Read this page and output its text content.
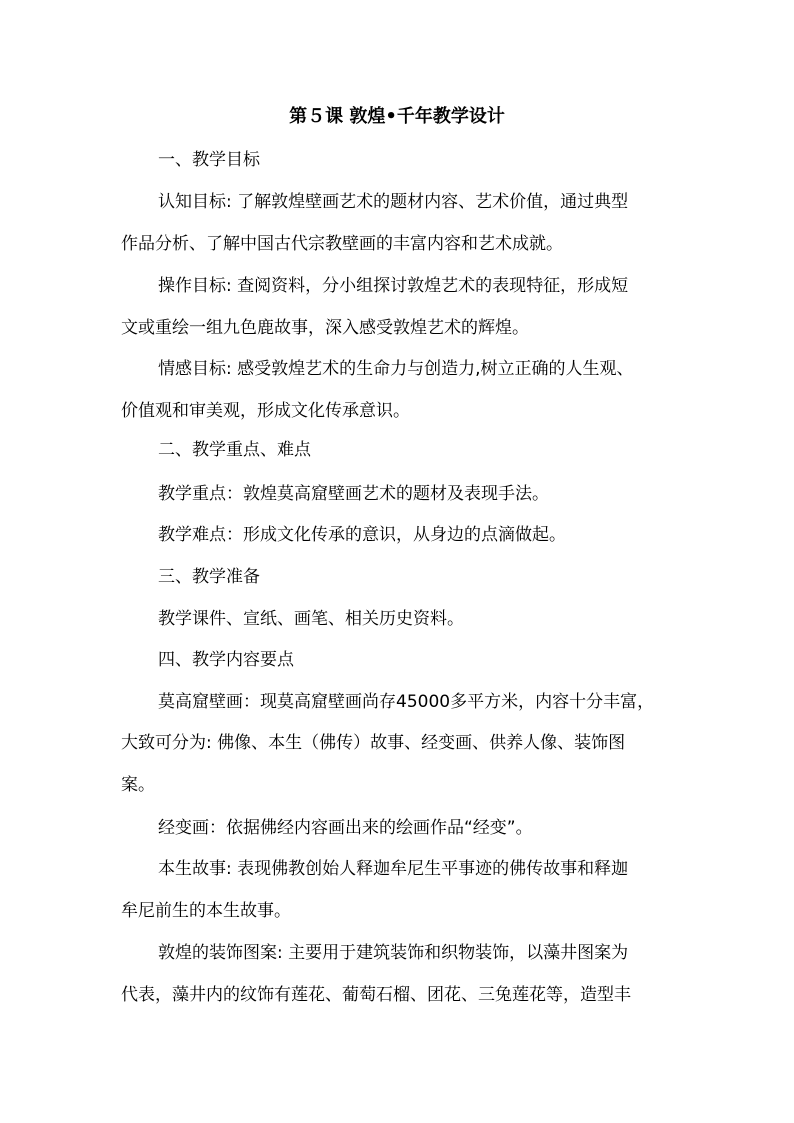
第５课 敦煌•千年教学设计

一、教学目标

认知目标: 了解敦煌壁画艺术的题材内容、艺术价值，通过典型

作品分析、了解中国古代宗教壁画的丰富内容和艺术成就。

操作目标: 查阅资料，分小组探讨敦煌艺术的表现特征，形成短

文或重绘一组九色鹿故事，深入感受敦煌艺术的辉煌。

情感目标: 感受敦煌艺术的生命力与创造力,树立正确的人生观、

价值观和审美观，形成文化传承意识。

二、教学重点、难点

教学重点：敦煌莫高窟壁画艺术的题材及表现手法。

教学难点：形成文化传承的意识，从身边的点滴做起。

三、教学准备

教学课件、宣纸、画笔、相关历史资料。

四、教学内容要点

莫高窟壁画：现莫高窟壁画尚存45000多平方米，内容十分丰富，

大致可分为: 佛像、本生（佛传）故事、经变画、供养人像、装饰图

案。

经变画：依据佛经内容画出来的绘画作品“经变”。

本生故事: 表现佛教创始人释迦牟尼生平事迹的佛传故事和释迦

牟尼前生的本生故事。

敦煌的装饰图案: 主要用于建筑装饰和织物装饰，以藻井图案为

代表，藻井内的纹饰有莲花、葡萄石榴、团花、三兔莲花等，造型丰
